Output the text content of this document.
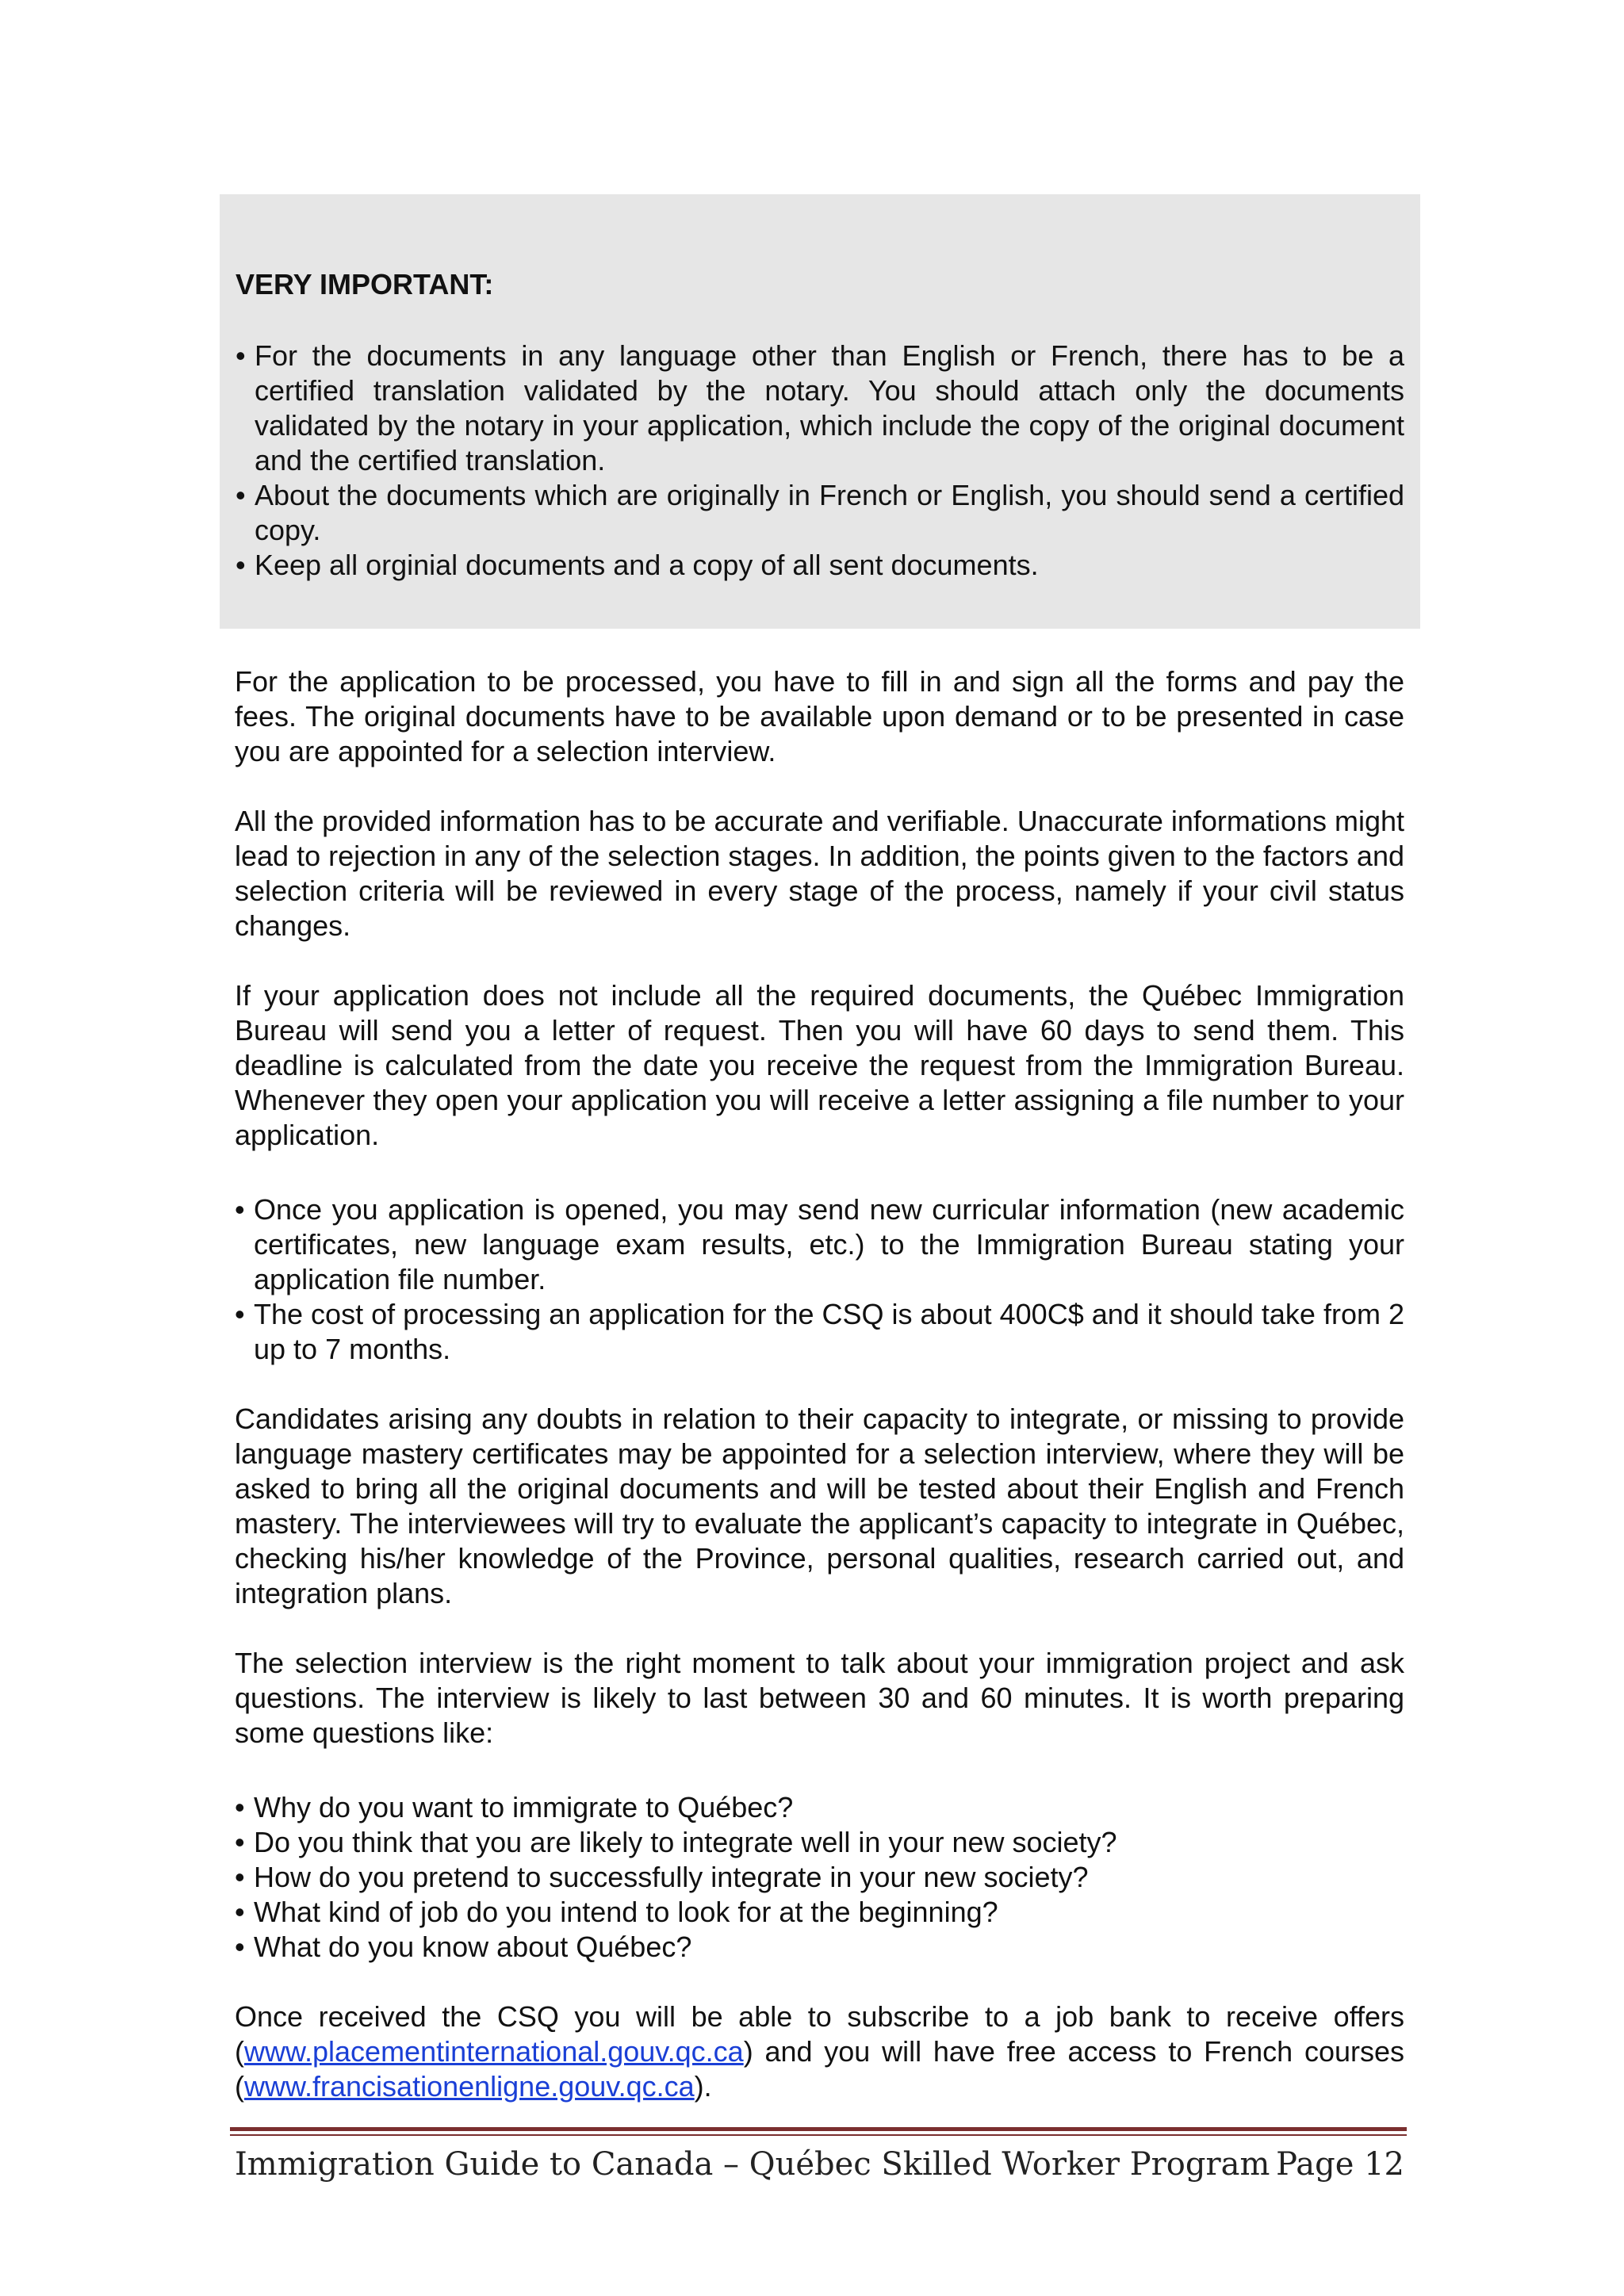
VERY IMPORTANT:
• For the documents in any language other than English or French, there has to be a certified translation validated by the notary. You should attach only the documents validated by the notary in your application, which include the copy of the original document and the certified translation.
• About the documents which are originally in French or English, you should send a certified copy.
• Keep all orginial documents and a copy of all sent documents.

For the application to be processed, you have to fill in and sign all the forms and pay the fees. The original documents have to be available upon demand or to be presented in case you are appointed for a selection interview.

All the provided information has to be accurate and verifiable. Unaccurate informations might lead to rejection in any of the selection stages. In addition, the points given to the factors and selection criteria will be reviewed in every stage of the process, namely if your civil status changes.

If your application does not include all the required documents, the Québec Immigration Bureau will send you a letter of request. Then you will have 60 days to send them. This deadline is calculated from the date you receive the request from the Immigration Bureau. Whenever they open your application you will receive a letter assigning a file number to your application.

• Once you application is opened, you may send new curricular information (new academic certificates, new language exam results, etc.) to the Immigration Bureau stating your application file number.
• The cost of processing an application for the CSQ is about 400C$ and it should take from 2 up to 7 months.

Candidates arising any doubts in relation to their capacity to integrate, or missing to provide language mastery certificates may be appointed for a selection interview, where they will be asked to bring all the original documents and will be tested about their English and French mastery. The interviewees will try to evaluate the applicant’s capacity to integrate in Québec, checking his/her knowledge of the Province, personal qualities, research carried out, and integration plans.

The selection interview is the right moment to talk about your immigration project and ask questions. The interview is likely to last between 30 and 60 minutes. It is worth preparing some questions like:

• Why do you want to immigrate to Québec?
• Do you think that you are likely to integrate well in your new society?
• How do you pretend to successfully integrate in your new society?
• What kind of job do you intend to look for at the beginning?
• What do you know about Québec?

Once received the CSQ you will be able to subscribe to a job bank to receive offers (www.placementinternational.gouv.qc.ca) and you will have free access to French courses (www.francisationenligne.gouv.qc.ca).

Immigration Guide to Canada – Québec Skilled Worker Program Page 12
